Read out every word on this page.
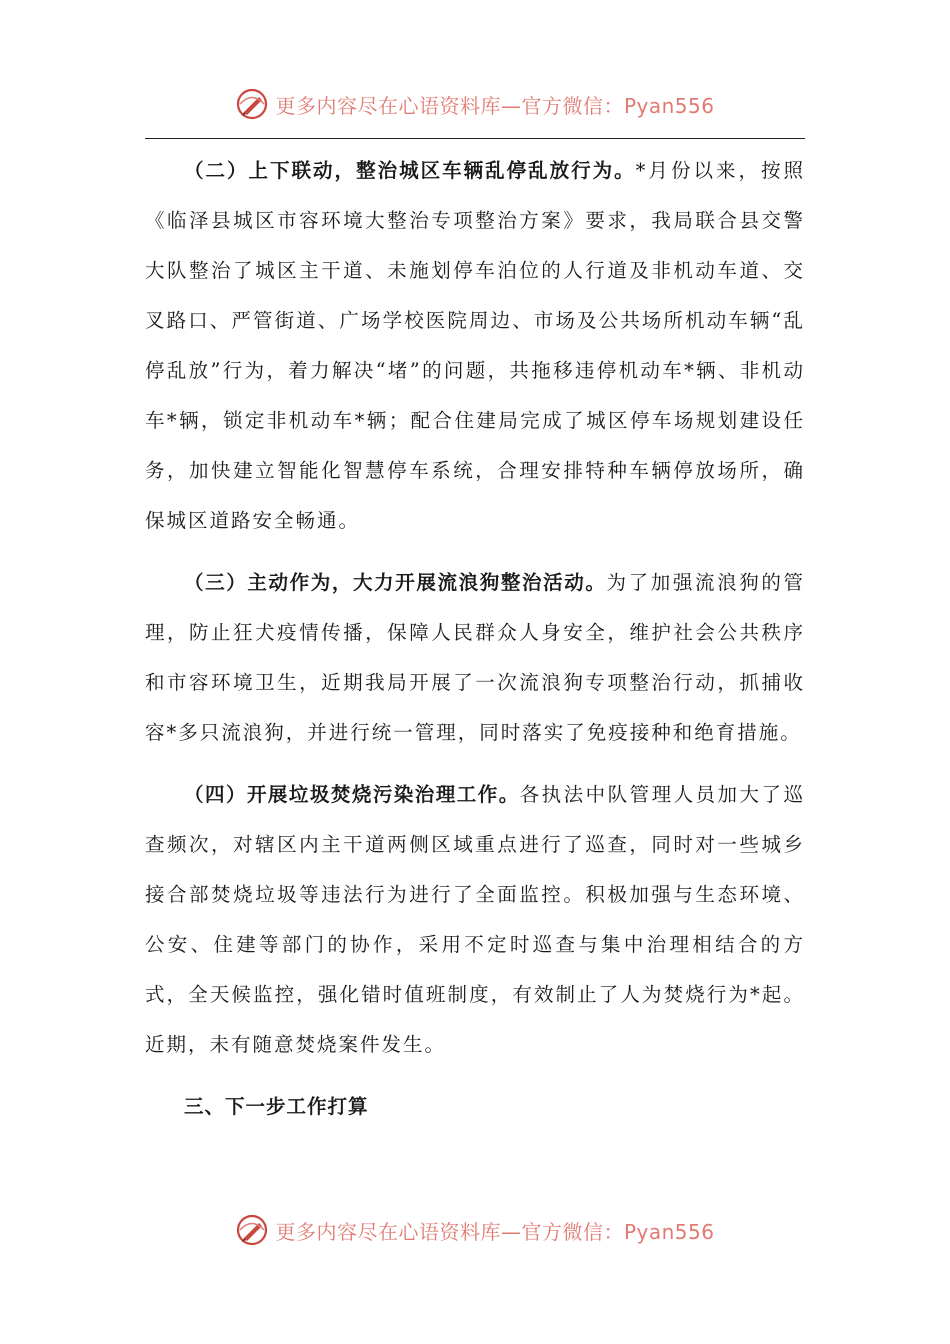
更多内容尽在心语资料库—官方微信：Pyan556

（二）上下联动，整治城区车辆乱停乱放行为。*月份以来，按照《临泽县城区市容环境大整治专项整治方案》要求，我局联合县交警大队整治了城区主干道、未施划停车泊位的人行道及非机动车道、交叉路口、严管街道、广场学校医院周边、市场及公共场所机动车辆“乱停乱放”行为，着力解决“堵”的问题，共拖移违停机动车*辆、非机动车*辆，锁定非机动车*辆；配合住建局完成了城区停车场规划建设任务，加快建立智能化智慧停车系统，合理安排特种车辆停放场所，确保城区道路安全畅通。

（三）主动作为，大力开展流浪狗整治活动。为了加强流浪狗的管理，防止狂犬疫情传播，保障人民群众人身安全，维护社会公共秩序和市容环境卫生，近期我局开展了一次流浪狗专项整治行动，抓捕收容*多只流浪狗，并进行统一管理，同时落实了免疫接种和绝育措施。

（四）开展垃圾焚烧污染治理工作。各执法中队管理人员加大了巡查频次，对辖区内主干道两侧区域重点进行了巡查，同时对一些城乡接合部焚烧垃圾等违法行为进行了全面监控。积极加强与生态环境、公安、住建等部门的协作，采用不定时巡查与集中治理相结合的方式，全天候监控，强化错时值班制度，有效制止了人为焚烧行为*起。近期，未有随意焚烧案件发生。

三、下一步工作打算

更多内容尽在心语资料库—官方微信：Pyan556
